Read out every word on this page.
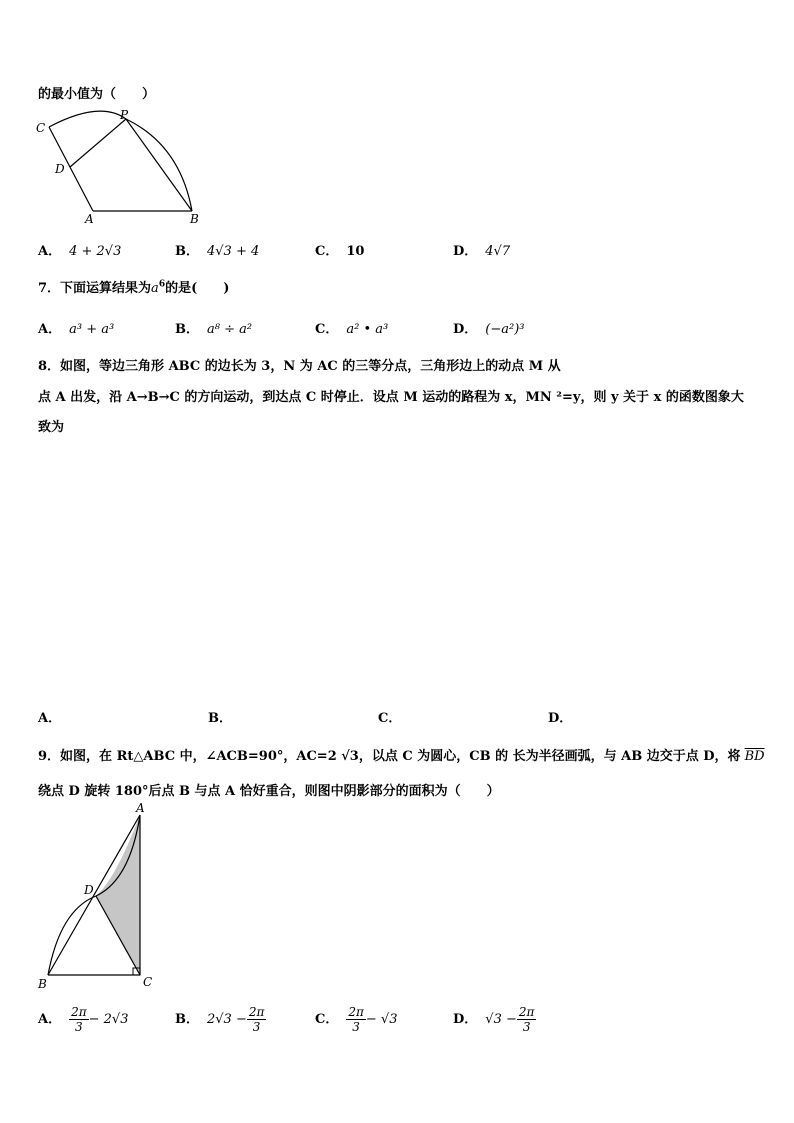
的最小值为（　　）
C
P
D
A	B
A． 4 + 2√3	B． 4√3 + 4	C． 10	D． 4√7
7．下面运算结果为$a^6$的是(　　)
A． a³ + a³	B． a⁸ ÷ a²	C． a² • a³	D． (−a²)³
8．如图，等边三角形 ABC 的边长为 3，N 为 AC 的三等分点，三角形边上的动点 M 从
点 A 出发，沿 A→B→C 的方向运动，到达点 C 时停止．设点 M 运动的路程为 x，MN ²=y，则 y 关于 x 的函数图象大
致为
A．	B．	C．	D．
9．如图，在 Rt△ABC 中，∠ACB=90°，AC=2 √3，以点 C 为圆心，CB 的 长为半径画弧，与 AB 边交于点 D，将 $\overline{BD}$
绕点 D 旋转 180°后点 B 与点 A 恰好重合，则图中阴影部分的面积为（　　）
A
D
B	C
A． $\frac{2\pi}{3} - 2√3$	B． $2√3 - \frac{2\pi}{3}$	C． $\frac{2\pi}{3} - √3$	D． $√3 - \frac{2\pi}{3}$
